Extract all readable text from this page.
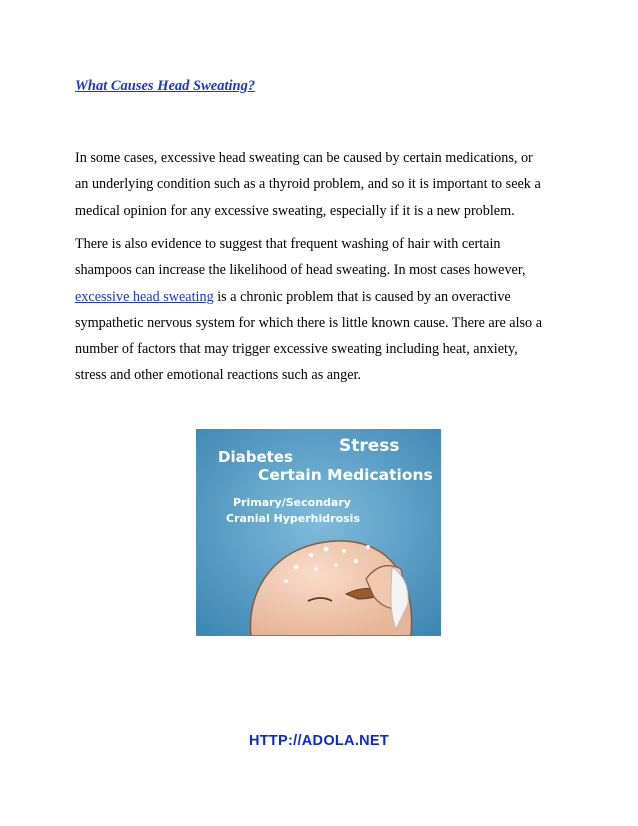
What Causes Head Sweating?

In some cases, excessive head sweating can be caused by certain medications, or
an underlying condition such as a thyroid problem, and so it is important to seek a
medical opinion for any excessive sweating, especially if it is a new problem.

There is also evidence to suggest that frequent washing of hair with certain
shampoos can increase the likelihood of head sweating. In most cases however,
excessive head sweating is a chronic problem that is caused by an overactive
sympathetic nervous system for which there is little known cause. There are also a
number of factors that may trigger excessive sweating including heat, anxiety,
stress and other emotional reactions such as anger.

Diabetes
Stress
Certain Medications
Primary/Secondary
Cranial Hyperhidrosis
HTTP://ADOLA.NET
